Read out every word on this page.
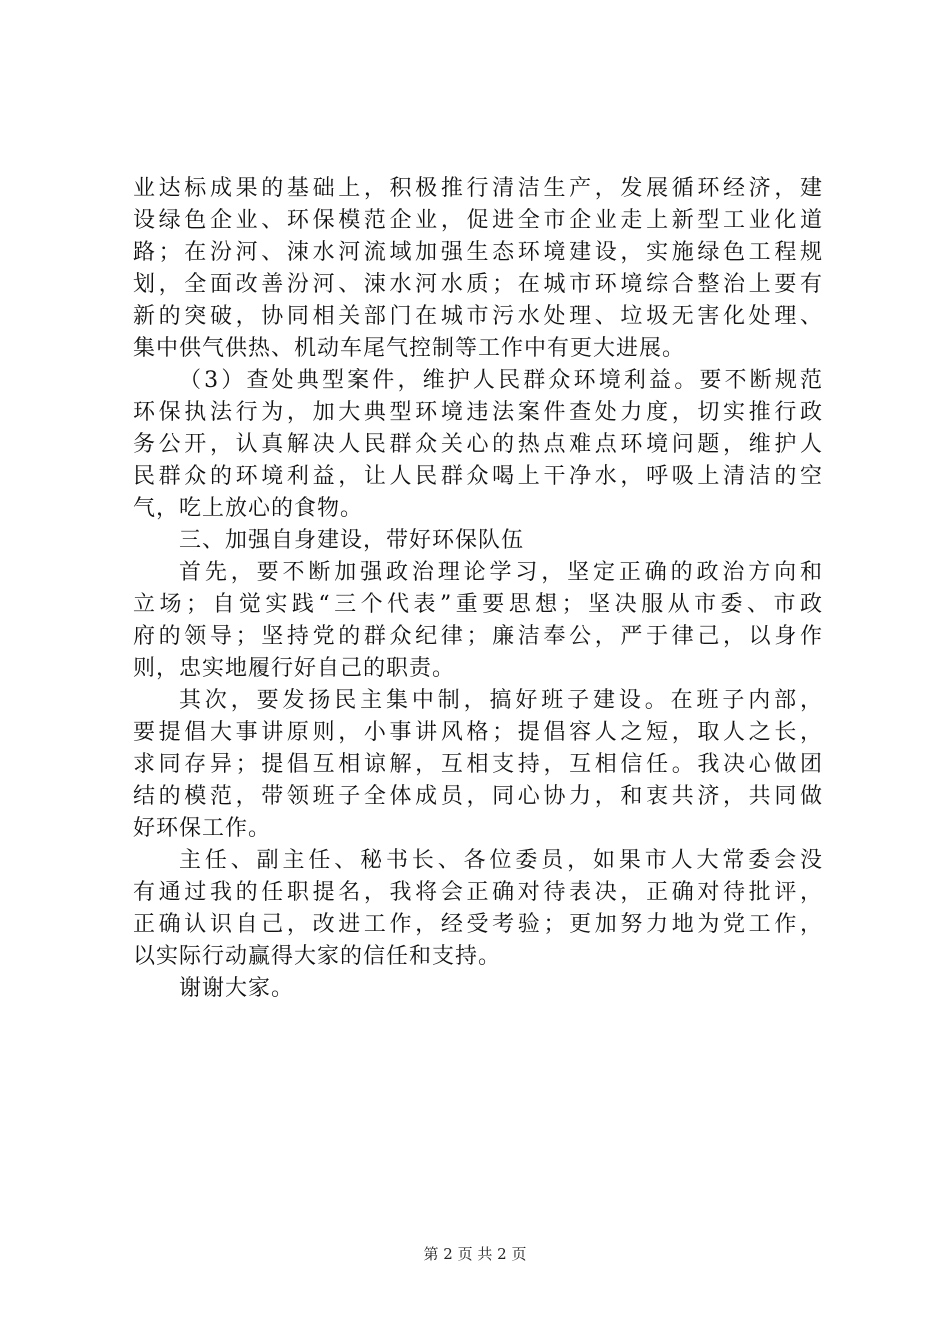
业达标成果的基础上，积极推行清洁生产，发展循环经济，建
设绿色企业、环保模范企业，促进全市企业走上新型工业化道
路；在汾河、涑水河流域加强生态环境建设，实施绿色工程规
划，全面改善汾河、涑水河水质；在城市环境综合整治上要有
新的突破，协同相关部门在城市污水处理、垃圾无害化处理、
集中供气供热、机动车尾气控制等工作中有更大进展。
（3）查处典型案件，维护人民群众环境利益。要不断规范
环保执法行为，加大典型环境违法案件查处力度，切实推行政
务公开，认真解决人民群众关心的热点难点环境问题，维护人
民群众的环境利益，让人民群众喝上干净水，呼吸上清洁的空
气，吃上放心的食物。
三、加强自身建设，带好环保队伍
首先，要不断加强政治理论学习，坚定正确的政治方向和
立场；自觉实践“三个代表”重要思想；坚决服从市委、市政
府的领导；坚持党的群众纪律；廉洁奉公，严于律己，以身作
则，忠实地履行好自己的职责。
其次，要发扬民主集中制，搞好班子建设。在班子内部，
要提倡大事讲原则，小事讲风格；提倡容人之短，取人之长，
求同存异；提倡互相谅解，互相支持，互相信任。我决心做团
结的模范，带领班子全体成员，同心协力，和衷共济，共同做
好环保工作。
主任、副主任、秘书长、各位委员，如果市人大常委会没
有通过我的任职提名，我将会正确对待表决，正确对待批评，
正确认识自己，改进工作，经受考验；更加努力地为党工作，
以实际行动赢得大家的信任和支持。
谢谢大家。
第 2 页 共 2 页
